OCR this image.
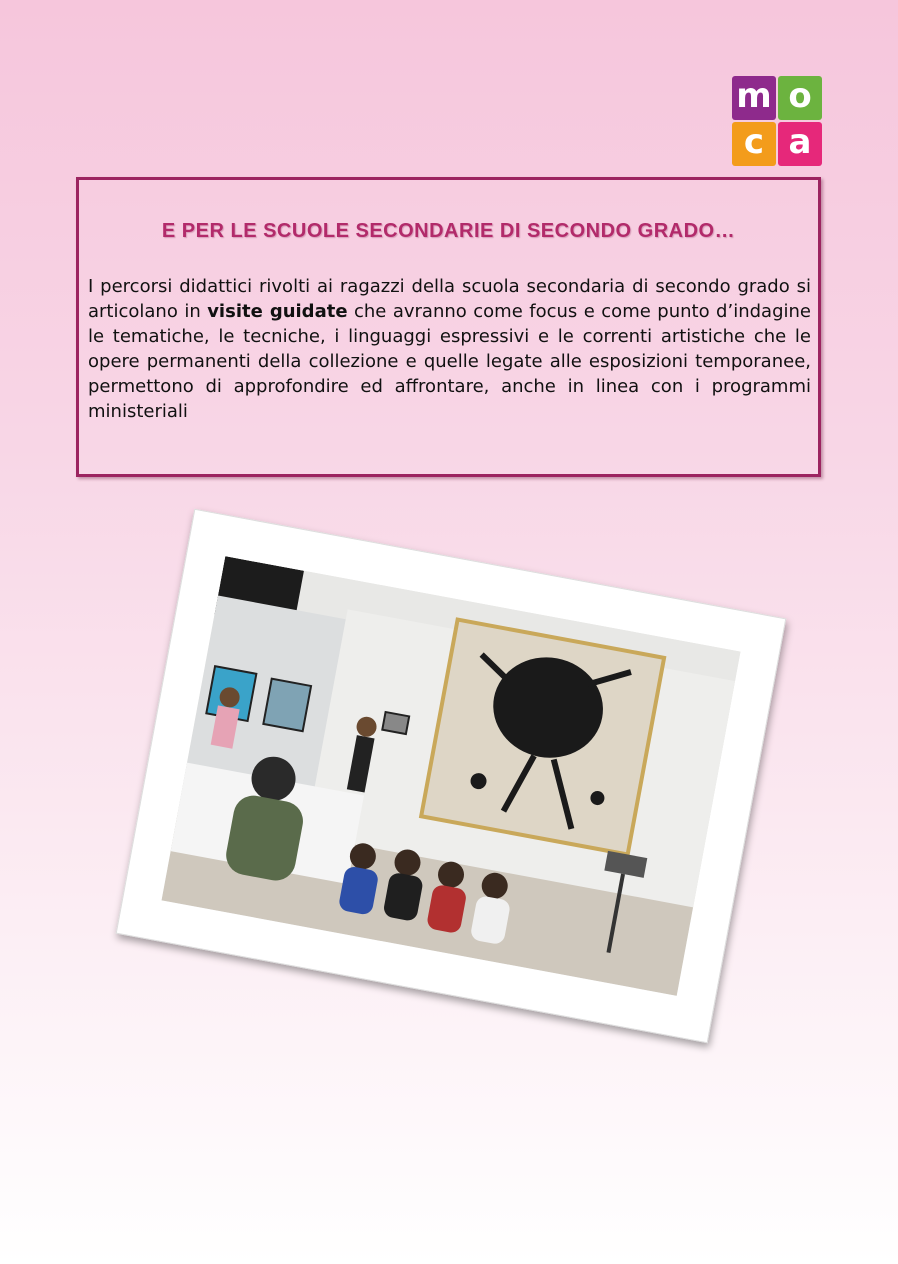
m o
c a
E PER LE SCUOLE SECONDARIE DI SECONDO GRADO…

I percorsi didattici rivolti ai ragazzi della scuola secondaria di secondo grado si articolano in visite guidate che avranno come focus e come punto d’indagine le tematiche, le tecniche, i linguaggi espressivi e le correnti artistiche che le opere permanenti della collezione e quelle legate alle esposizioni temporanee, permettono di approfondire ed affrontare, anche in linea con i programmi ministeriali
